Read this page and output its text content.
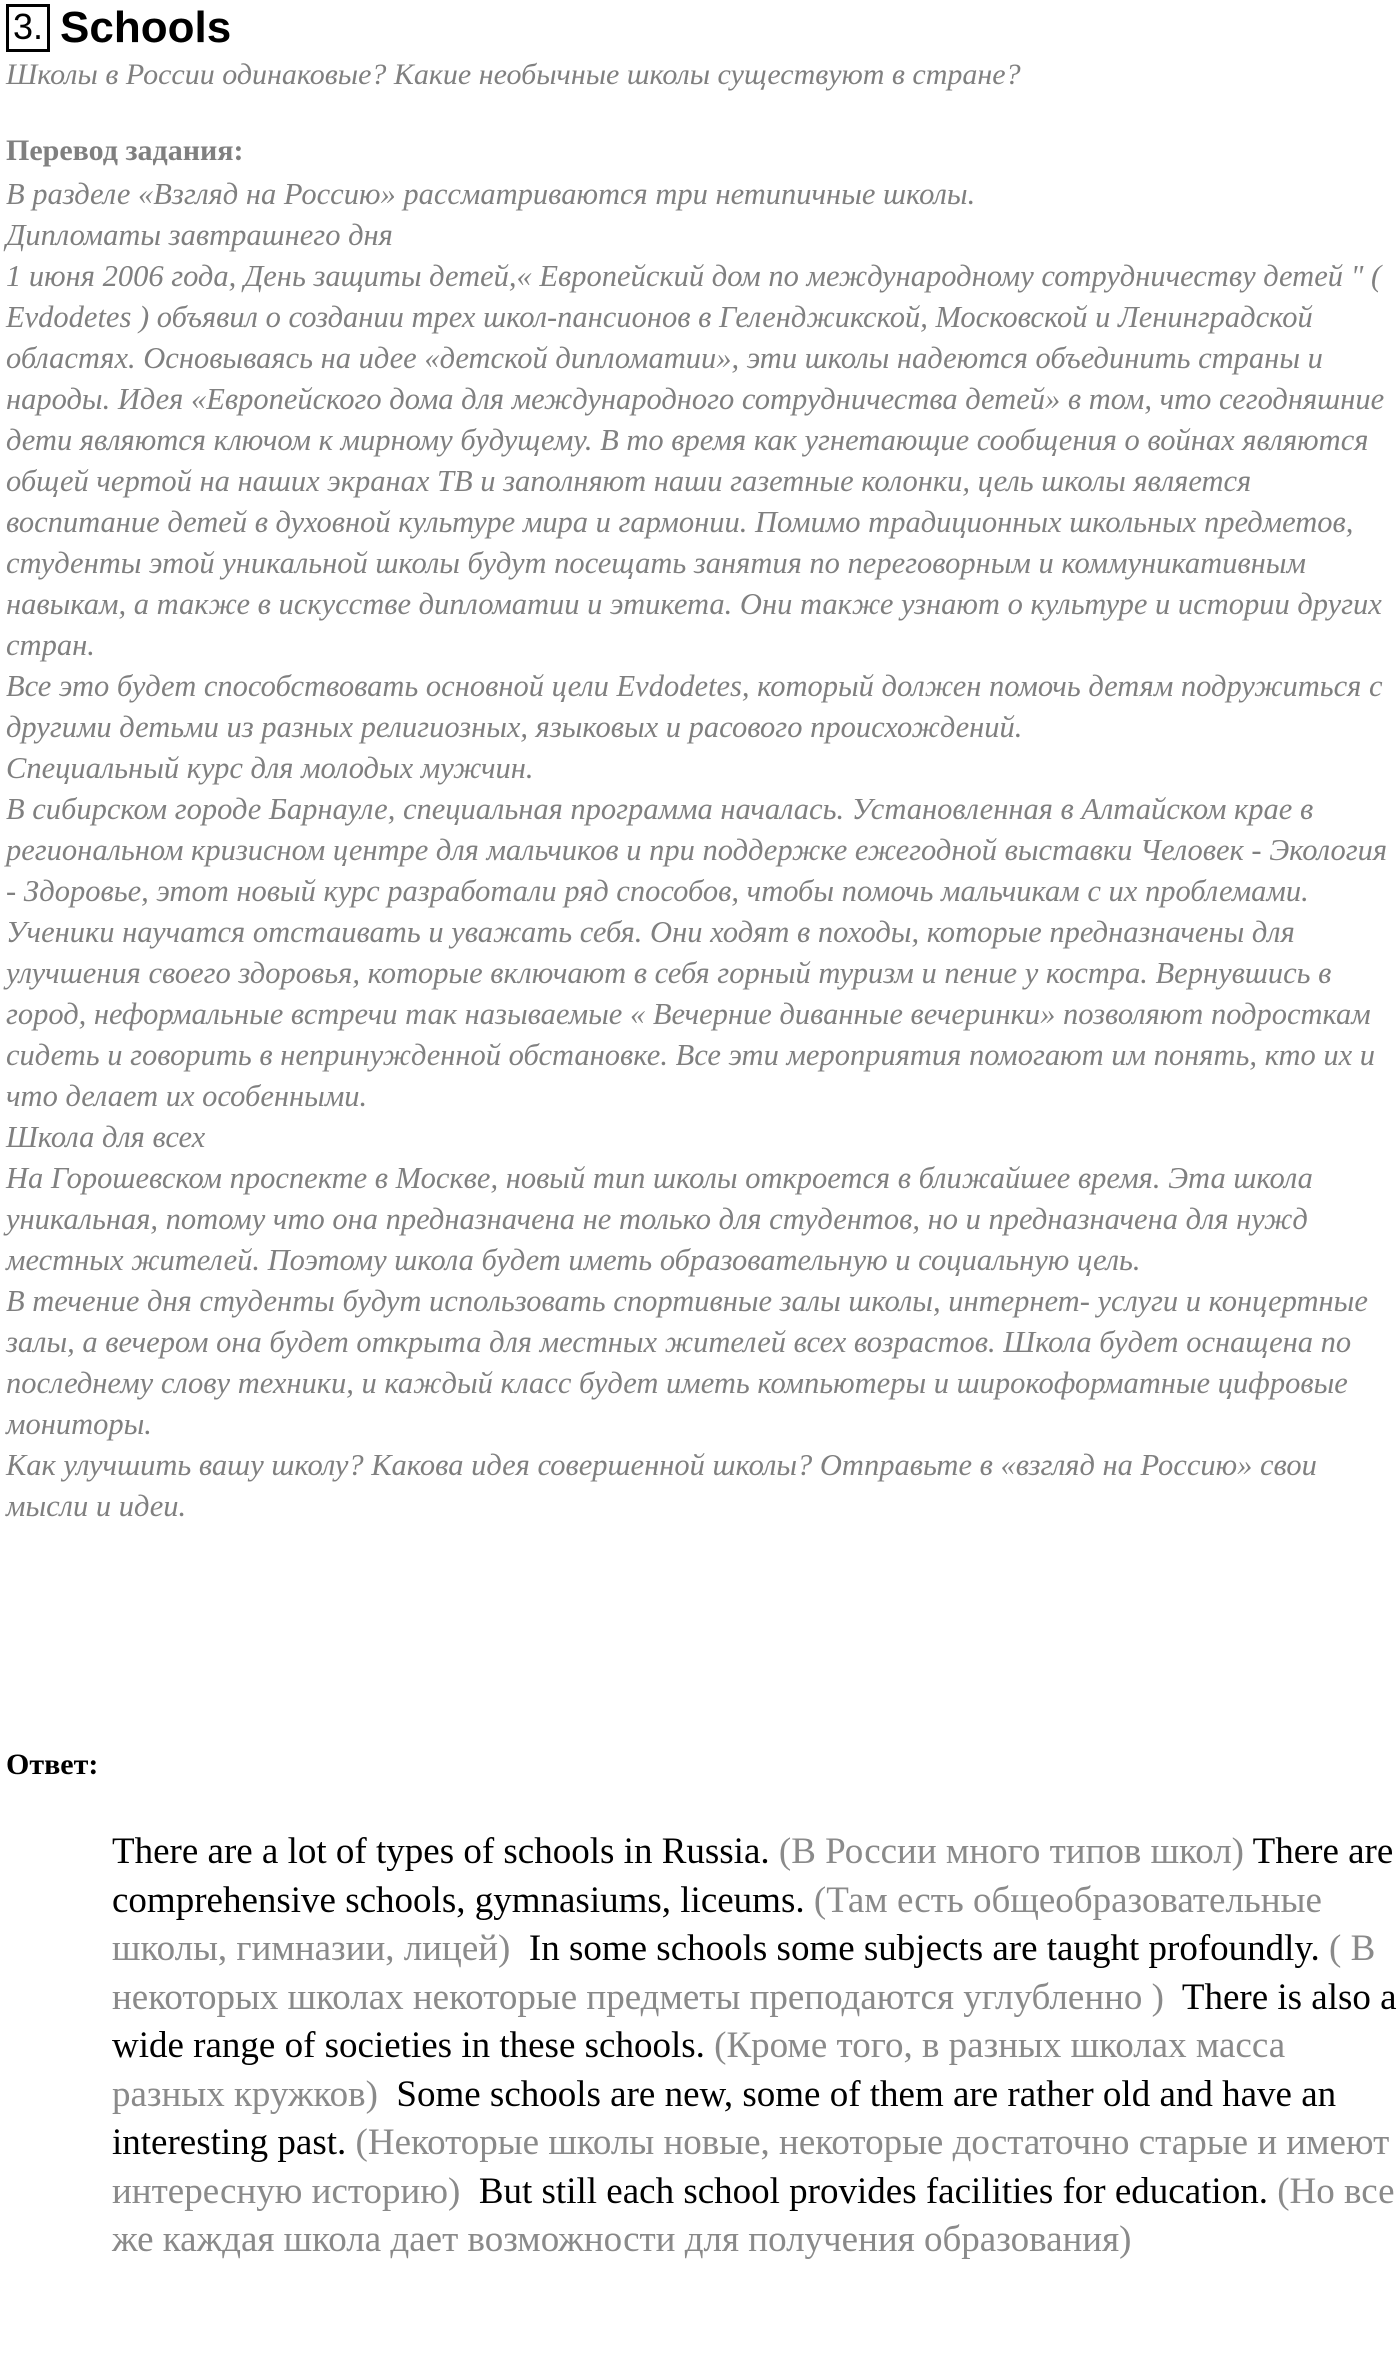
3. Schools
Школы в России одинаковые? Какие необычные школы существуют в стране?
Перевод задания:

В разделе «Взгляд на Россию» рассматриваются три нетипичные школы.

Дипломаты завтрашнего дня

1 июня 2006 года, День защиты детей,« Европейский дом по международному сотрудничеству детей " ( Evdodetes ) объявил о создании трех школ-пансионов в Геленджикской, Московской и Ленинградской областях. Основываясь на идее «детской дипломатии», эти школы надеются объединить страны и народы. Идея «Европейского дома для международного сотрудничества детей» в том, что сегодняшние дети являются ключом к мирному будущему. В то время как угнетающие сообщения о войнах являются общей чертой на наших экранах ТВ и заполняют наши газетные колонки, цель школы является воспитание детей в духовной культуре мира и гармонии. Помимо традиционных школьных предметов, студенты этой уникальной школы будут посещать занятия по переговорным и коммуникативным навыкам, а также в искусстве дипломатии и этикета. Они также узнают о культуре и истории других стран.

Все это будет способствовать основной цели Evdodetes, который должен помочь детям подружиться с другими детьми из разных религиозных, языковых и расового происхождений.

Специальный курс для молодых мужчин.

В сибирском городе Барнауле, специальная программа началась. Установленная в Алтайском крае в региональном кризисном центре для мальчиков и при поддержке ежегодной выставки Человек - Экология - Здоровье, этот новый курс разработали ряд способов, чтобы помочь мальчикам с их проблемами. Ученики научатся отстаивать и уважать себя. Они ходят в походы, которые предназначены для улучшения своего здоровья, которые включают в себя горный туризм и пение у костра. Вернувшись в город, неформальные встречи так называемые « Вечерние диванные вечеринки» позволяют подросткам сидеть и говорить в непринужденной обстановке. Все эти мероприятия помогают им понять, кто их и что делает их особенными.

Школа для всех

На Горошевском проспекте в Москве, новый тип школы откроется в ближайшее время. Эта школа уникальная, потому что она предназначена не только для студентов, но и предназначена для нужд местных жителей. Поэтому школа будет иметь образовательную и социальную цель.

В течение дня студенты будут использовать спортивные залы школы, интернет- услуги и концертные залы, а вечером она будет открыта для местных жителей всех возрастов. Школа будет оснащена по последнему слову техники, и каждый класс будет иметь компьютеры и широкоформатные цифровые мониторы.

Как улучшить вашу школу? Какова идея совершенной школы? Отправьте в «взгляд на Россию» свои мысли и идеи.

Ответ:
There are a lot of types of schools in Russia. (В России много типов школ) There are comprehensive schools, gymnasiums, liceums. (Там есть общеобразовательные школы, гимназии, лицей) In some schools some subjects are taught profoundly. ( В некоторых школах некоторые предметы преподаются углубленно ) There is also a wide range of societies in these schools. (Кроме того, в разных школах масса разных кружков) Some schools are new, some of them are rather old and have an interesting past. (Некоторые школы новые, некоторые достаточно старые и имеют интересную историю) But still each school provides facilities for education. (Но все же каждая школа дает возможности для получения образования)
